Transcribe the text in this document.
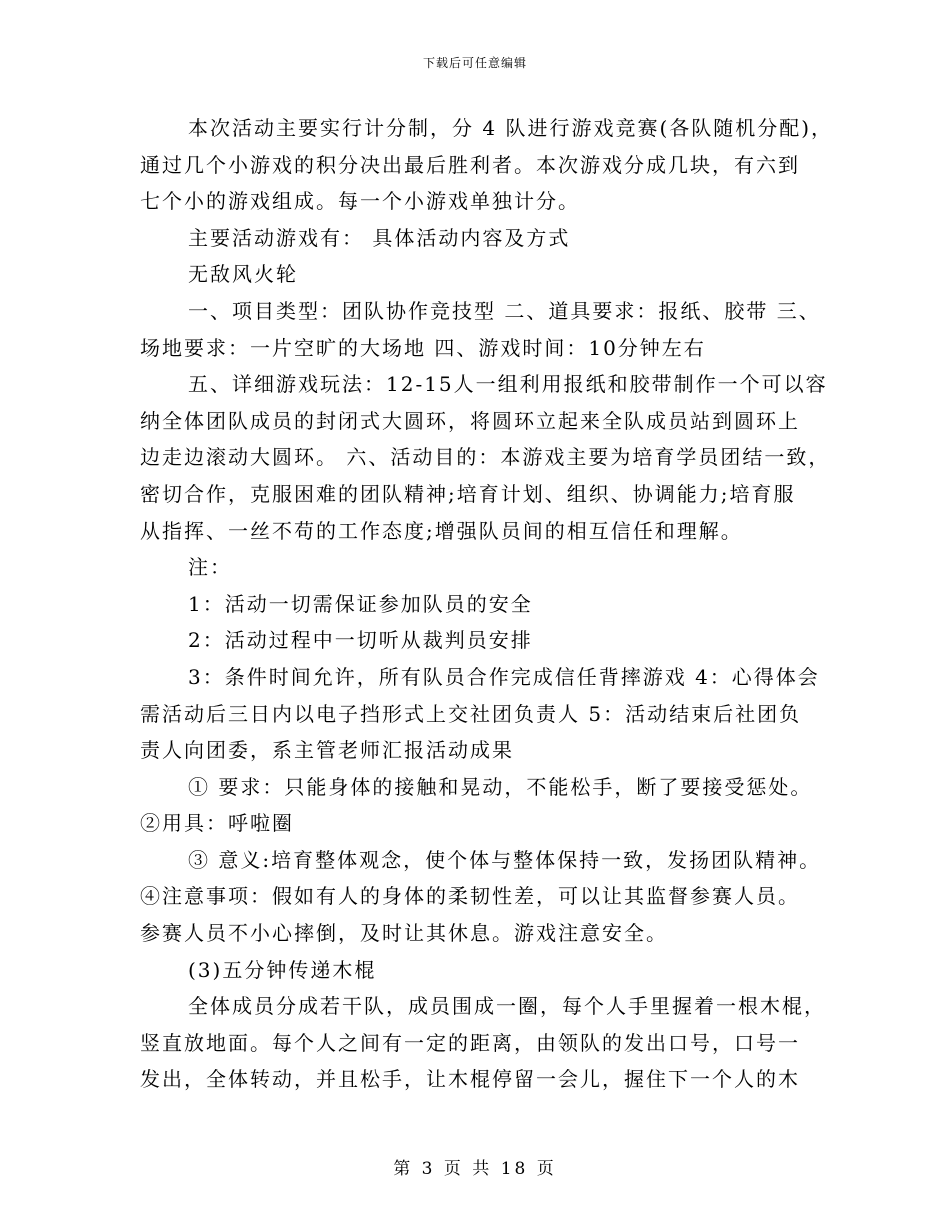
下载后可任意编辑
本次活动主要实行计分制，分 4 队进行游戏竞赛(各队随机分配)，
通过几个小游戏的积分决出最后胜利者。本次游戏分成几块，有六到
七个小的游戏组成。每一个小游戏单独计分。
主要活动游戏有： 具体活动内容及方式
无敌风火轮
一、项目类型：团队协作竞技型 二、道具要求：报纸、胶带 三、
场地要求：一片空旷的大场地 四、游戏时间：10分钟左右
五、详细游戏玩法：12-15人一组利用报纸和胶带制作一个可以容
纳全体团队成员的封闭式大圆环，将圆环立起来全队成员站到圆环上
边走边滚动大圆环。 六、活动目的：本游戏主要为培育学员团结一致，
密切合作，克服困难的团队精神;培育计划、组织、协调能力;培育服
从指挥、一丝不苟的工作态度;增强队员间的相互信任和理解。
注：
1：活动一切需保证参加队员的安全
2：活动过程中一切听从裁判员安排
3：条件时间允许，所有队员合作完成信任背摔游戏 4：心得体会
需活动后三日内以电子挡形式上交社团负责人 5：活动结束后社团负
责人向团委，系主管老师汇报活动成果
① 要求：只能身体的接触和晃动，不能松手，断了要接受惩处。
②用具：呼啦圈
③ 意义:培育整体观念，使个体与整体保持一致，发扬团队精神。
④注意事项：假如有人的身体的柔韧性差，可以让其监督参赛人员。
参赛人员不小心摔倒，及时让其休息。游戏注意安全。
(3)五分钟传递木棍
全体成员分成若干队，成员围成一圈，每个人手里握着一根木棍，
竖直放地面。每个人之间有一定的距离，由领队的发出口号，口号一
发出，全体转动，并且松手，让木棍停留一会儿，握住下一个人的木
第 3 页 共 18 页
